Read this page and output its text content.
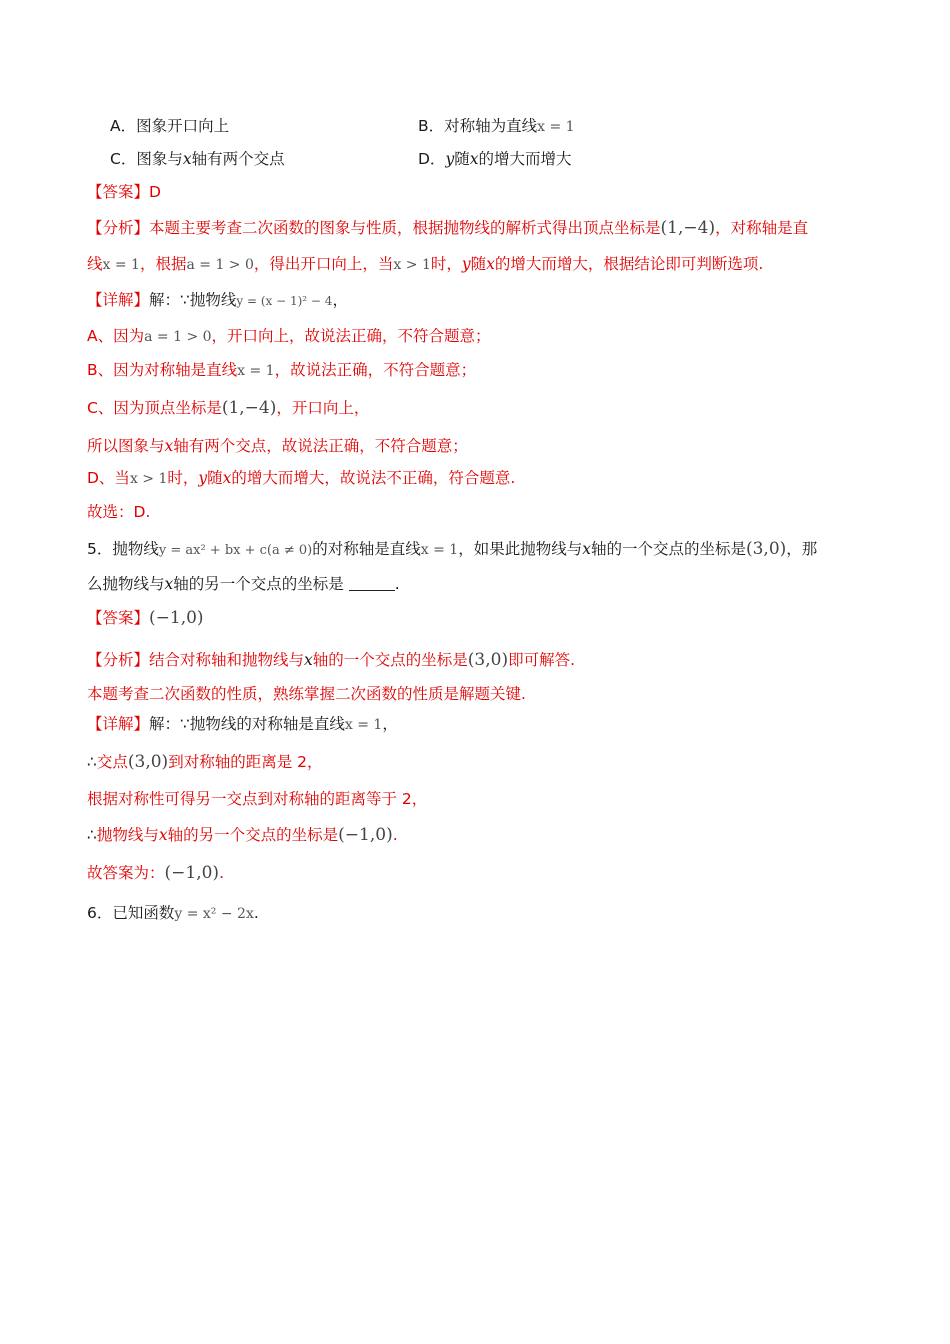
A．图象开口向上	B．对称轴为直线x = 1
C．图象与x轴有两个交点	D．y随x的增大而增大
【答案】D
【分析】本题主要考查二次函数的图象与性质，根据抛物线的解析式得出顶点坐标是(1,−4)，对称轴是直
线x = 1，根据a = 1 > 0，得出开口向上，当x > 1时，y随x的增大而增大，根据结论即可判断选项.
【详解】解：∵抛物线y = (x − 1)² − 4，
A、因为a = 1 > 0，开口向上，故说法正确，不符合题意；
B、因为对称轴是直线x = 1，故说法正确，不符合题意；
C、因为顶点坐标是(1,−4)，开口向上，
所以图象与x轴有两个交点，故说法正确，不符合题意；
D、当x > 1时，y随x的增大而增大，故说法不正确，符合题意.
故选：D.
5．抛物线y = ax² + bx + c(a ≠ 0)的对称轴是直线x = 1，如果此抛物线与x轴的一个交点的坐标是(3,0)，那
么抛物线与x轴的另一个交点的坐标是	.
【答案】(−1,0)
【分析】结合对称轴和抛物线与x轴的一个交点的坐标是(3,0)即可解答.
本题考查二次函数的性质，熟练掌握二次函数的性质是解题关键.
【详解】解：∵抛物线的对称轴是直线x = 1，
∴交点(3,0)到对称轴的距离是 2，
根据对称性可得另一交点到对称轴的距离等于 2，
∴抛物线与x轴的另一个交点的坐标是(−1,0).
故答案为：(−1,0).
6．已知函数y = x² − 2x.
